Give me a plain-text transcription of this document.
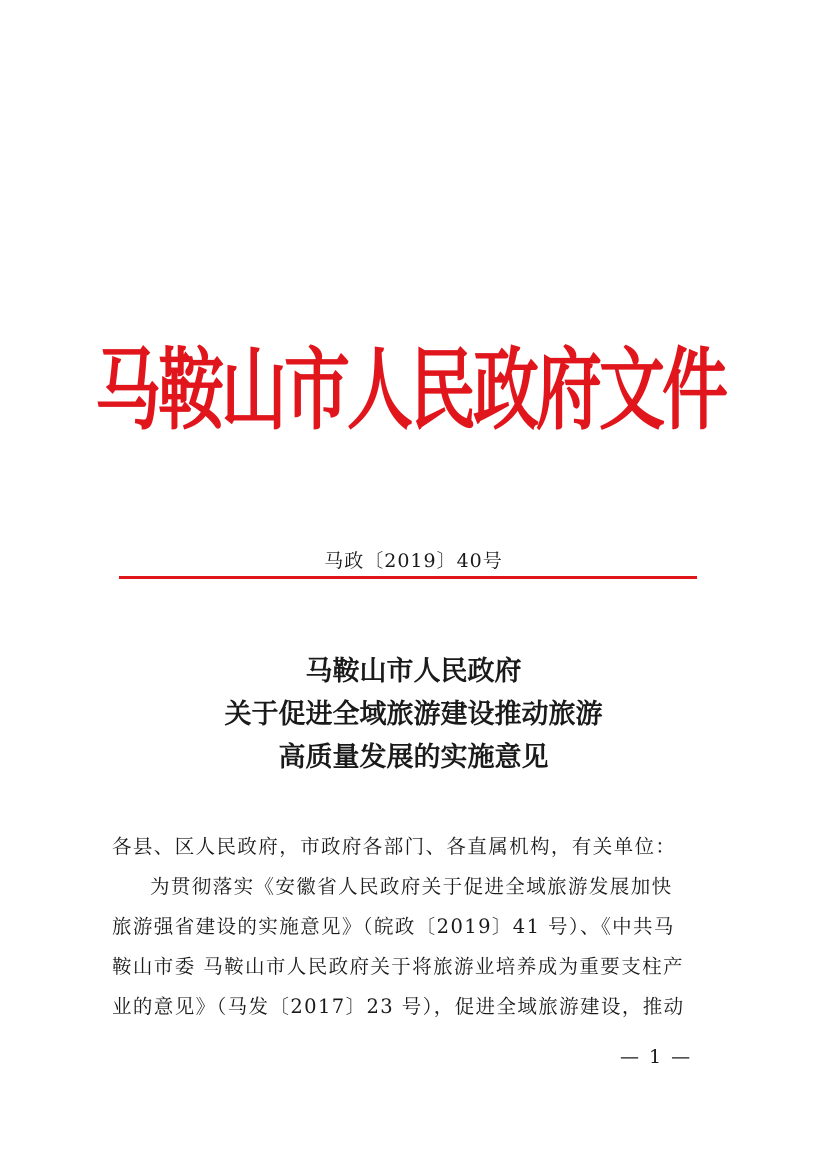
马鞍山市人民政府文件
马政〔2019〕40号
马鞍山市人民政府
关于促进全域旅游建设推动旅游
高质量发展的实施意见
各县、区人民政府，市政府各部门、各直属机构，有关单位：
为贯彻落实《安徽省人民政府关于促进全域旅游发展加快
旅游强省建设的实施意见》（皖政〔2019〕41 号）、《中共马
鞍山市委 马鞍山市人民政府关于将旅游业培养成为重要支柱产
业的意见》（马发〔2017〕23 号），促进全域旅游建设，推动
— 1 —
